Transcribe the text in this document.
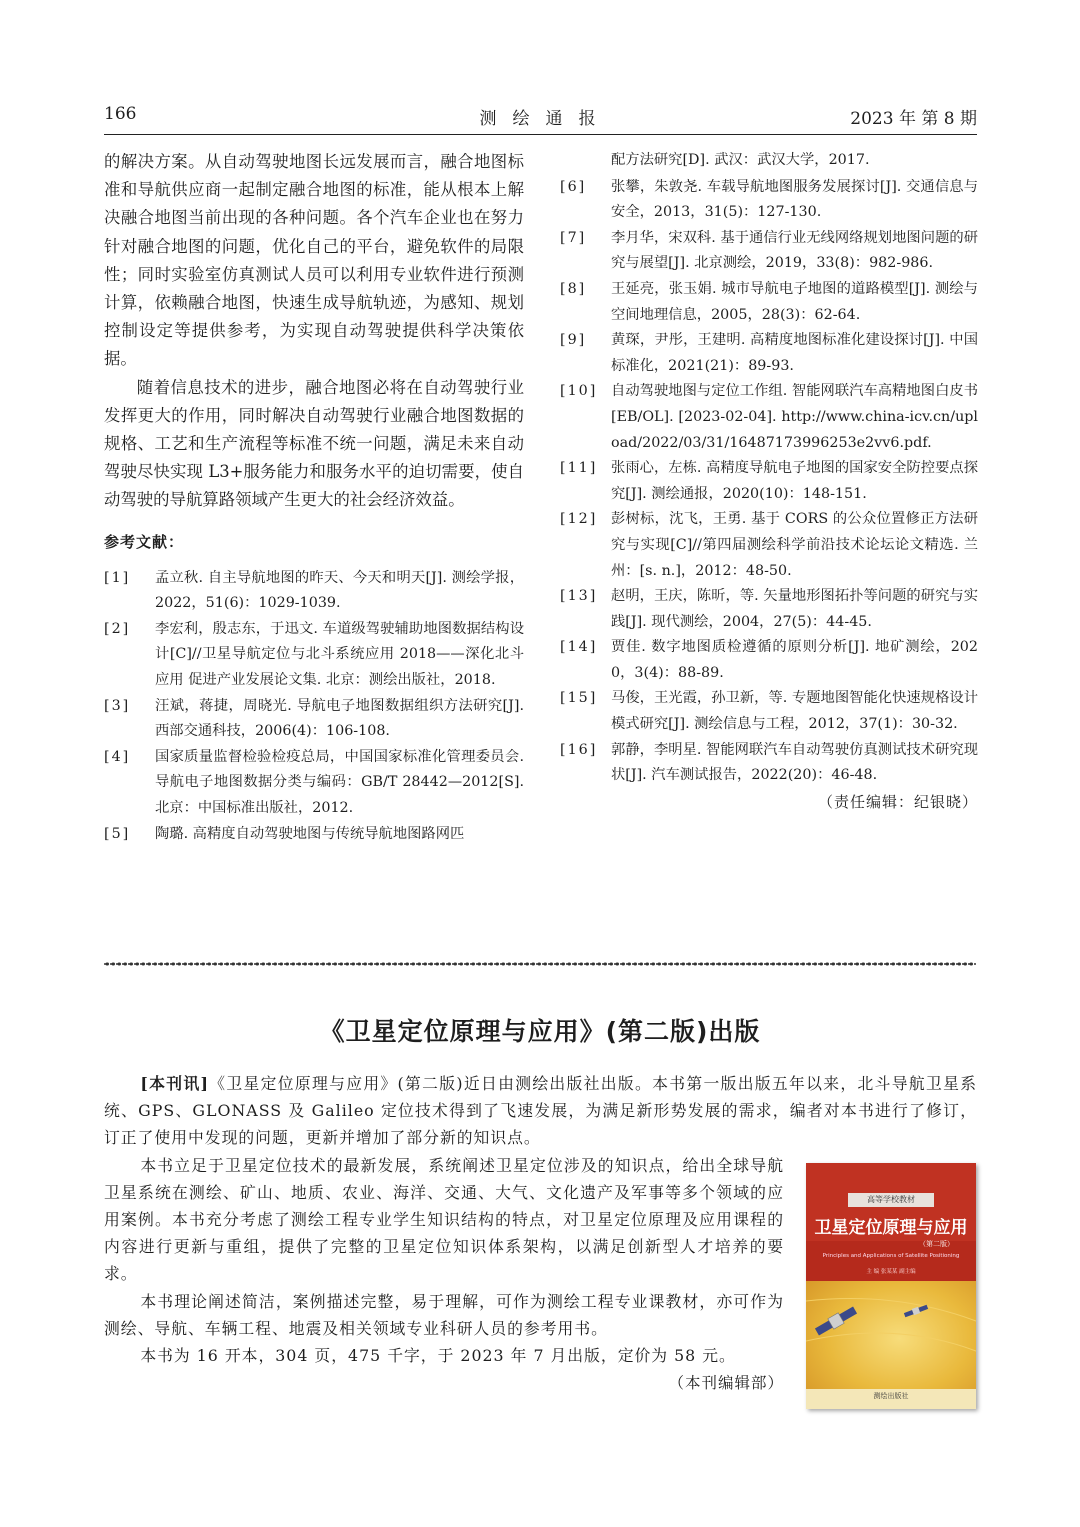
166	测绘通报	2023 年 第 8 期

的解决方案。从自动驾驶地图长远发展而言，融合地图标准和导航供应商一起制定融合地图的标准，能从根本上解决融合地图当前出现的各种问题。各个汽车企业也在努力针对融合地图的问题，优化自己的平台，避免软件的局限性；同时实验室仿真测试人员可以利用专业软件进行预测计算，依赖融合地图，快速生成导航轨迹，为感知、规划控制设定等提供参考，为实现自动驾驶提供科学决策依据。

随着信息技术的进步，融合地图必将在自动驾驶行业发挥更大的作用，同时解决自动驾驶行业融合地图数据的规格、工艺和生产流程等标准不统一问题，满足未来自动驾驶尽快实现 L3+服务能力和服务水平的迫切需要，使自动驾驶的导航算路领域产生更大的社会经济效益。

参考文献：
[1]	孟立秋. 自主导航地图的昨天、今天和明天[J]. 测绘学报，2022，51(6)：1029-1039.
[2]	李宏利，殷志东，于迅文. 车道级驾驶辅助地图数据结构设计[C]//卫星导航定位与北斗系统应用 2018——深化北斗应用 促进产业发展论文集. 北京：测绘出版社，2018.
[3]	汪斌，蒋捷，周晓光. 导航电子地图数据组织方法研究[J]. 西部交通科技，2006(4)：106-108.
[4]	国家质量监督检验检疫总局，中国国家标准化管理委员会. 导航电子地图数据分类与编码：GB/T 28442—2012[S]. 北京：中国标准出版社，2012.
[5]	陶璐. 高精度自动驾驶地图与传统导航地图路网匹
配方法研究[D]. 武汉：武汉大学，2017.
[6]	张攀，朱敦尧. 车载导航地图服务发展探讨[J]. 交通信息与安全，2013，31(5)：127-130.
[7]	李月华，宋双科. 基于通信行业无线网络规划地图问题的研究与展望[J]. 北京测绘，2019，33(8)：982-986.
[8]	王延亮，张玉娟. 城市导航电子地图的道路模型[J]. 测绘与空间地理信息，2005，28(3)：62-64.
[9]	黄琛，尹彤，王建明. 高精度地图标准化建设探讨[J]. 中国标准化，2021(21)：89-93.
[10] 自动驾驶地图与定位工作组. 智能网联汽车高精地图白皮书[EB/OL]. [2023-02-04]. http://www.china-icv.cn/upload/2022/03/31/16487173996253e2vv6.pdf.
[11] 张雨心，左栋. 高精度导航电子地图的国家安全防控要点探究[J]. 测绘通报，2020(10)：148-151.
[12] 彭树标，沈飞，王勇. 基于 CORS 的公众位置修正方法研究与实现[C]//第四届测绘科学前沿技术论坛论文精选. 兰州：[s. n.]，2012：48-50.
[13] 赵明，王庆，陈昕，等. 矢量地形图拓扑等问题的研究与实践[J]. 现代测绘，2004，27(5)：44-45.
[14] 贾佳. 数字地图质检遵循的原则分析[J]. 地矿测绘，2020，3(4)：88-89.
[15] 马俊，王光霞，孙卫新，等. 专题地图智能化快速规格设计模式研究[J]. 测绘信息与工程，2012，37(1)：30-32.
[16] 郭静，李明星. 智能网联汽车自动驾驶仿真测试技术研究现状[J]. 汽车测试报告，2022(20)：46-48.
（责任编辑：纪银晓）
《卫星定位原理与应用》(第二版)出版

[本刊讯]《卫星定位原理与应用》(第二版)近日由测绘出版社出版。本书第一版出版五年以来，北斗导航卫星系统、GPS、GLONASS 及 Galileo 定位技术得到了飞速发展，为满足新形势发展的需求，编者对本书进行了修订，订正了使用中发现的问题，更新并增加了部分新的知识点。

本书立足于卫星定位技术的最新发展，系统阐述卫星定位涉及的知识点，给出全球导航卫星系统在测绘、矿山、地质、农业、海洋、交通、大气、文化遗产及军事等多个领域的应用案例。本书充分考虑了测绘工程专业学生知识结构的特点，对卫星定位原理及应用课程的内容进行更新与重组，提供了完整的卫星定位知识体系架构，以满足创新型人才培养的要求。

本书理论阐述简洁，案例描述完整，易于理解，可作为测绘工程专业课教材，亦可作为测绘、导航、车辆工程、地震及相关领域专业科研人员的参考用书。

本书为 16 开本，304 页，475 千字，于 2023 年 7 月出版，定价为 58 元。

（本刊编辑部）

高等学校教材
卫星定位原理与应用
（第二版）
Principles and Applications of Satellite Positioning
主 编 张某某 副主编
测绘出版社
